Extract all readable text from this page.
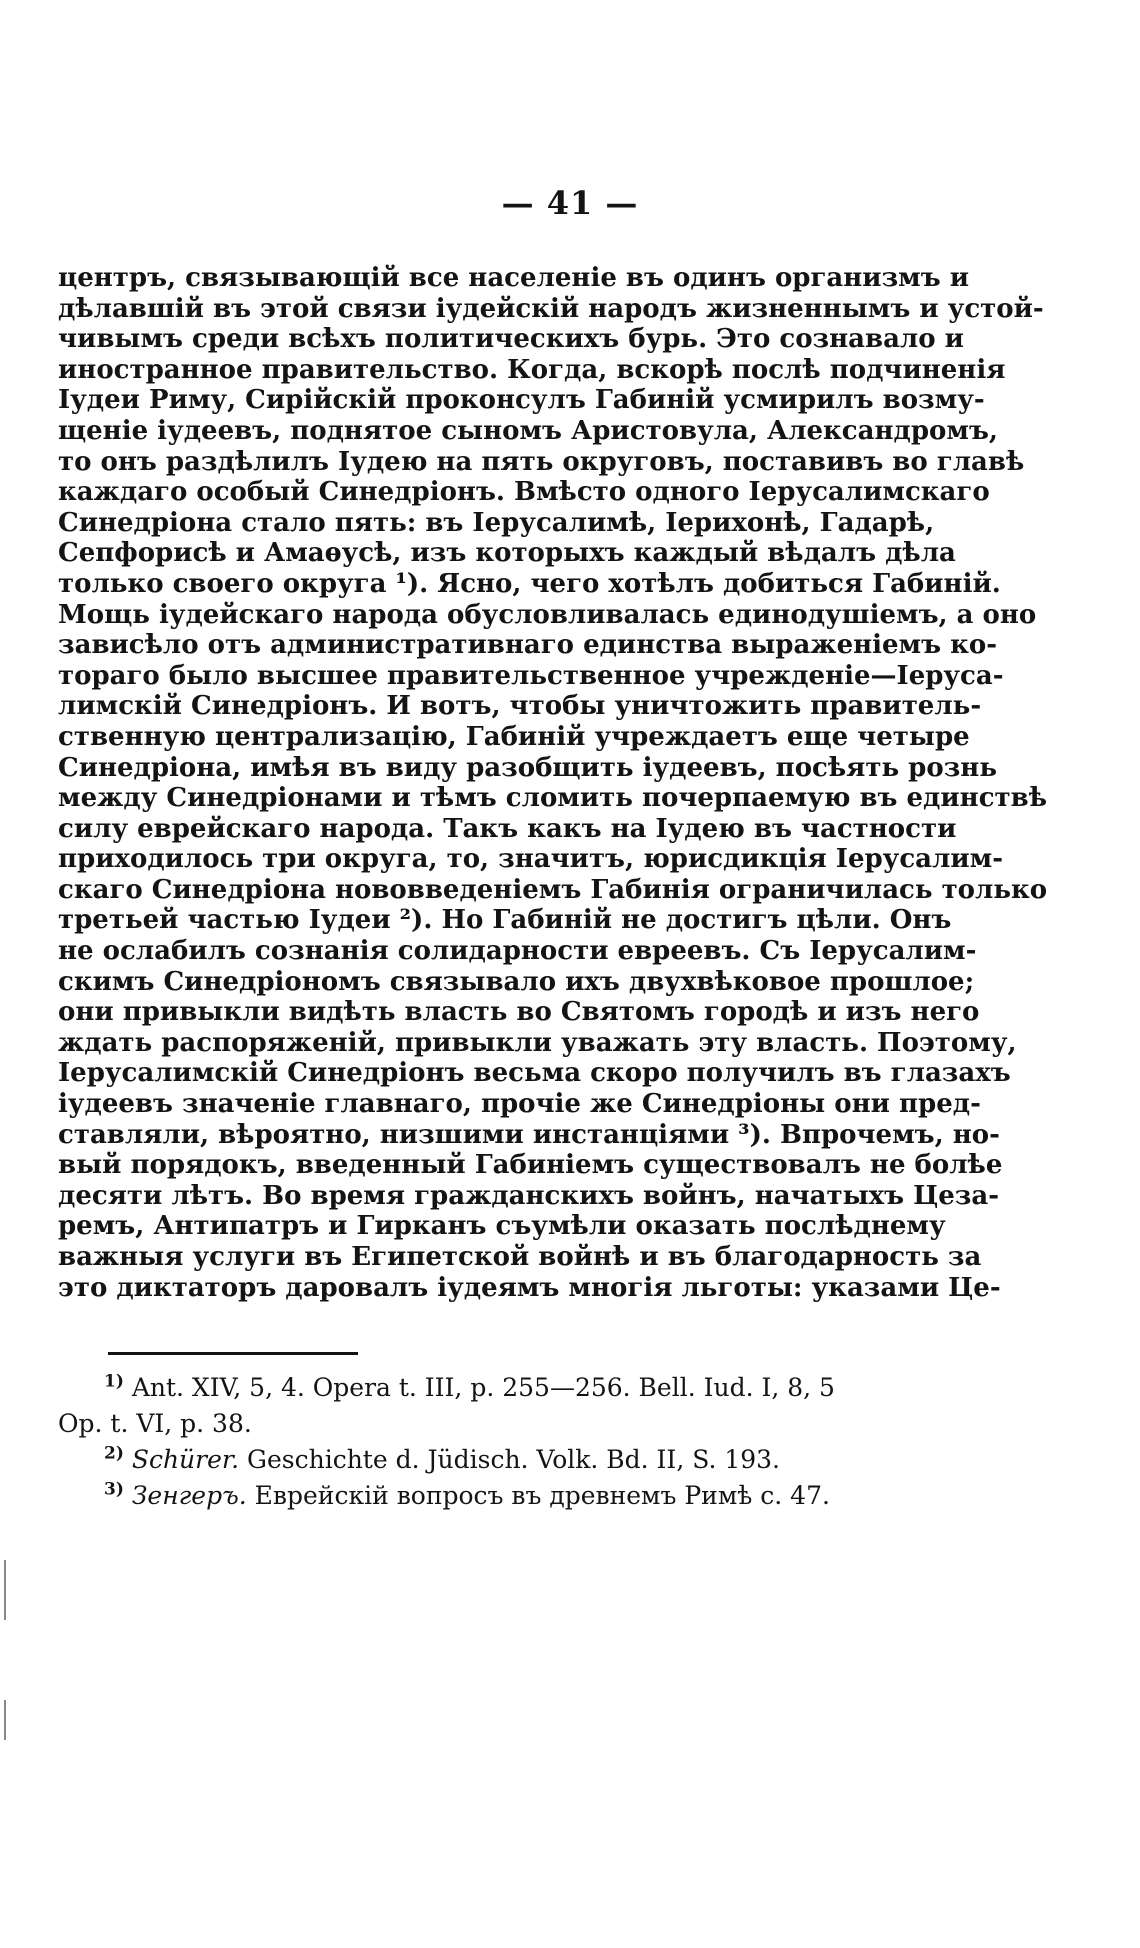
— 41 —
центръ, связывающій все населеніе въ одинъ организмъ и
дѣлавшій въ этой связи іудейскій народъ жизненнымъ и устой-
чивымъ среди всѣхъ политическихъ бурь. Это сознавало и
иностранное правительство. Когда, вскорѣ послѣ подчиненія
Іудеи Риму, Сирійскій проконсулъ Габиній усмирилъ возму-
щеніе іудеевъ, поднятое сыномъ Аристовула, Александромъ,
то онъ раздѣлилъ Іудею на пять округовъ, поставивъ во главѣ
каждаго особый Синедріонъ. Вмѣсто одного Іерусалимскаго
Синедріона стало пять: въ Іерусалимѣ, Іерихонѣ, Гадарѣ,
Сепфорисѣ и Амаѳусѣ, изъ которыхъ каждый вѣдалъ дѣла
только своего округа ¹). Ясно, чего хотѣлъ добиться Габиній.
Мощь іудейскаго народа обусловливалась единодушіемъ, а оно
зависѣло отъ административнаго единства выраженіемъ ко-
тораго было высшее правительственное учрежденіе—Іеруса-
лимскій Синедріонъ. И вотъ, чтобы уничтожить правитель-
ственную централизацію, Габиній учреждаетъ еще четыре
Синедріона, имѣя въ виду разобщить іудеевъ, посѣять рознь
между Синедріонами и тѣмъ сломить почерпаемую въ единствѣ
силу еврейскаго народа. Такъ какъ на Іудею въ частности
приходилось три округа, то, значитъ, юрисдикція Іерусалим-
скаго Синедріона нововведеніемъ Габинія ограничилась только
третьей частью Іудеи ²). Но Габиній не достигъ цѣли. Онъ
не ослабилъ сознанія солидарности евреевъ. Съ Іерусалим-
скимъ Синедріономъ связывало ихъ двухвѣковое прошлое;
они привыкли видѣть власть во Святомъ городѣ и изъ него
ждать распоряженій, привыкли уважать эту власть. Поэтому,
Іерусалимскій Синедріонъ весьма скоро получилъ въ глазахъ
іудеевъ значеніе главнаго, прочіе же Синедріоны они пред-
ставляли, вѣроятно, низшими инстанціями ³). Впрочемъ, но-
вый порядокъ, введенный Габиніемъ существовалъ не болѣе
десяти лѣтъ. Во время гражданскихъ войнъ, начатыхъ Цеза-
ремъ, Антипатръ и Гирканъ съумѣли оказать послѣднему
важныя услуги въ Египетской войнѣ и въ благодарность за
это диктаторъ даровалъ іудеямъ многія льготы: указами Це-
$^{1)}$ Ant. XIV, 5, 4. Opera t. III, p. 255—256. Bell. Iud. I, 8, 5
Op. t. VI, p. 38.
$^{2)}$ Schürer. Geschichte d. Jüdisch. Volk. Bd. II, S. 193.
$^{3)}$ Зенгеръ. Еврейскій вопросъ въ древнемъ Римѣ с. 47.
